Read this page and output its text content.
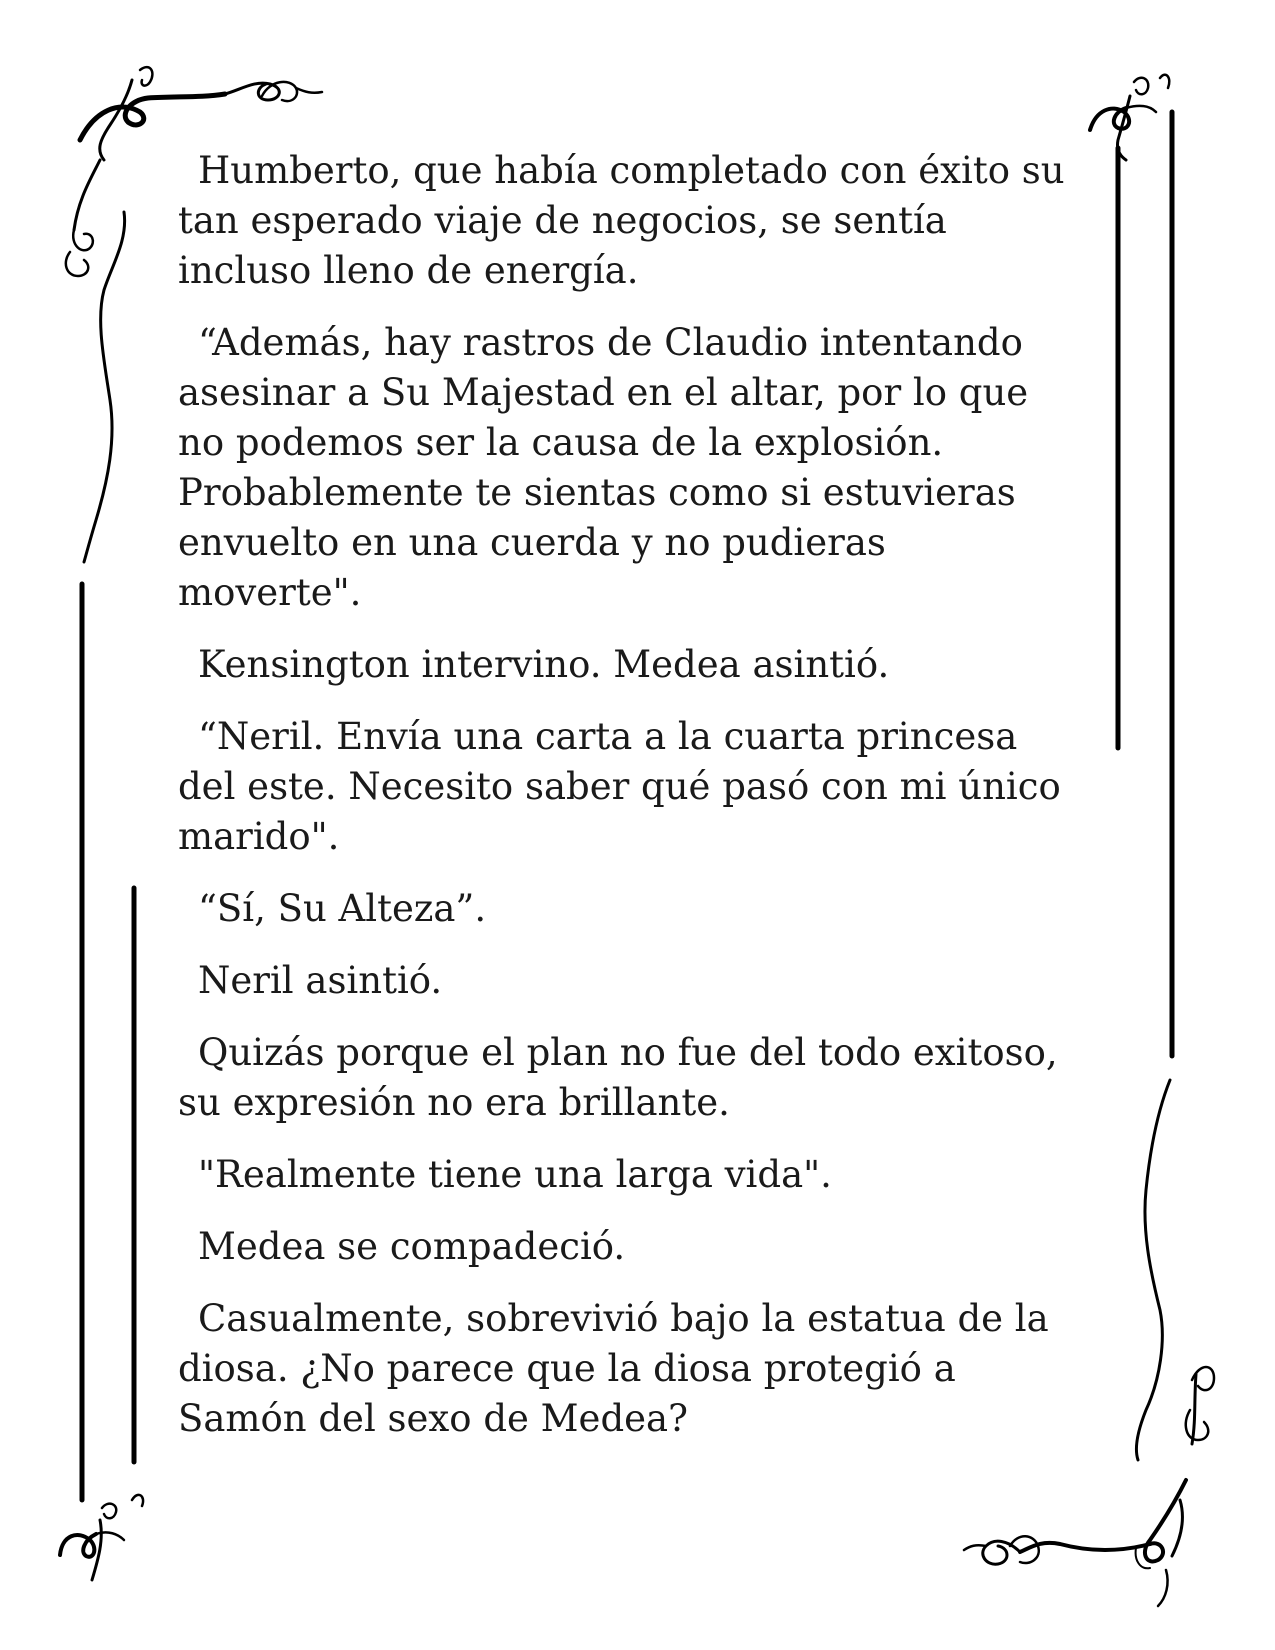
Humberto, que había completado con éxito su
tan esperado viaje de negocios, se sentía
incluso lleno de energía.

“Además, hay rastros de Claudio intentando
asesinar a Su Majestad en el altar, por lo que
no podemos ser la causa de la explosión.
Probablemente te sientas como si estuvieras
envuelto en una cuerda y no pudieras
moverte".

Kensington intervino. Medea asintió.

“Neril. Envía una carta a la cuarta princesa
del este. Necesito saber qué pasó con mi único
marido".

“Sí, Su Alteza”.

Neril asintió.

Quizás porque el plan no fue del todo exitoso,
su expresión no era brillante.

"Realmente tiene una larga vida".

Medea se compadeció.

Casualmente, sobrevivió bajo la estatua de la
diosa. ¿No parece que la diosa protegió a
Samón del sexo de Medea?
